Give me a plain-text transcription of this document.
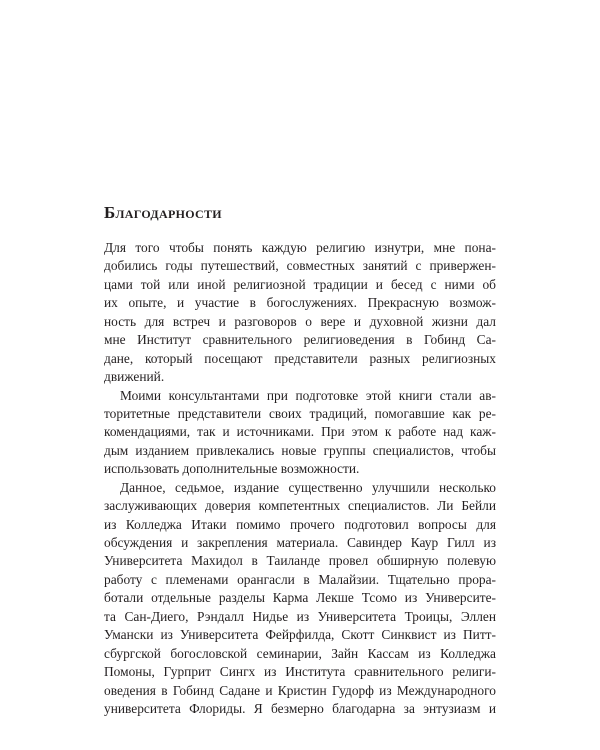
Благодарности
Для того чтобы понять каждую религию изнутри, мне пона-
добились годы путешествий, совместных занятий с привержен-
цами той или иной религиозной традиции и бесед с ними об
их опыте, и участие в богослужениях. Прекрасную возмож-
ность для встреч и разговоров о вере и духовной жизни дал
мне Институт сравнительного религиоведения в Гобинд Са-
дане, который посещают представители разных религиозных
движений.
Моими консультантами при подготовке этой книги стали ав-
торитетные представители своих традиций, помогавшие как ре-
комендациями, так и источниками. При этом к работе над каж-
дым изданием привлекались новые группы специалистов, чтобы
использовать дополнительные возможности.
Данное, седьмое, издание существенно улучшили несколько
заслуживающих доверия компетентных специалистов. Ли Бейли
из Колледжа Итаки помимо прочего подготовил вопросы для
обсуждения и закрепления материала. Савиндер Каур Гилл из
Университета Махидол в Таиланде провел обширную полевую
работу с племенами орангасли в Малайзии. Тщательно прора-
ботали отдельные разделы Карма Лекше Тсомо из Университе-
та Сан-Диего, Рэндалл Нидье из Университета Троицы, Эллен
Умански из Университета Фейрфилда, Скотт Синквист из Питт-
сбургской богословской семинарии, Зайн Кассам из Колледжа
Помоны, Гурприт Сингх из Института сравнительного религи-
оведения в Гобинд Садане и Кристин Гудорф из Международного
университета Флориды. Я безмерно благодарна за энтузиазм и
